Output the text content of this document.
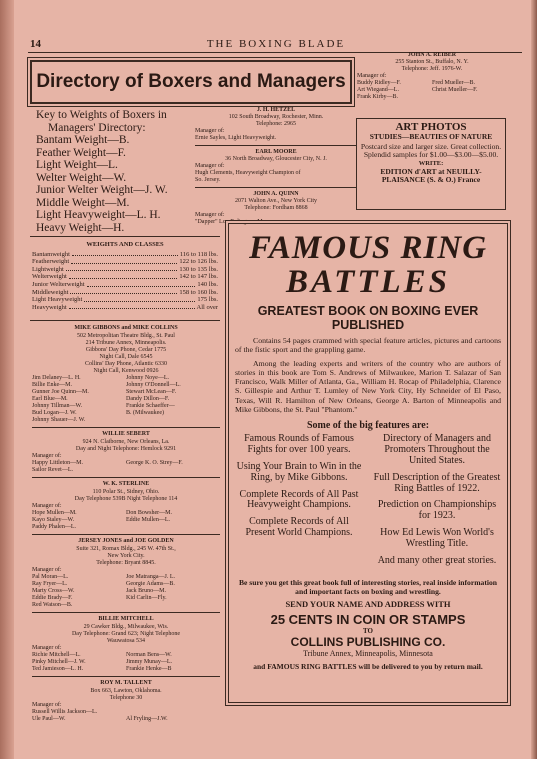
14	THE BOXING BLADE
Directory of Boxers and Managers
Key to Weights of Boxers in
Managers' Directory:
Bantam Weight—B.
Feather Weight—F.
Light Weight—L.
Welter Weight—W.
Junior Welter Weight—J. W.
Middle Weight—M.
Light Heavyweight—L. H.
Heavy Weight—H.
WEIGHTS AND CLASSES
Bantamweight	116 to 118 lbs.
Featherweight	122 to 126 lbs.
Lightweight	130 to 135 lbs.
Welterweight	142 to 147 lbs.
Junior Welterweight	140 lbs.
Middleweight	158 to 160 lbs.
Light Heavyweight	175 lbs.
Heavyweight	All over
MIKE GIBBONS and MIKE COLLINS
502 Metropolitan Theatre Bldg., St. Paul
214 Tribune Annex, Minneapolis.
Gibbons' Day Phone, Cedar 1775
Night Call, Dale 6545
Collins' Day Phone, Atlantic 6330
Night Call, Kenwood 0926
Jim Delaney—L. H.	Johnny Noye—L.
Billie Enke—M.	Johnny O'Donnell—L.
Gunner Joe Quinn—M.	Stewart McLean—F.
Earl Blue—M.	Dandy Dillon—F.
Johnny Tillman—W.	Frankie Schaeffer—
Bud Logan—J. W.	B. (Milwaukee)
Johnny Shauer—J. W.
WILLIE SEBERT
924 N. Claiborne, New Orleans, La.
Day and Night Telephone: Hemlock 9291
Manager of:
Happy Littleton—M.	George K. O. Strey—F.
Sailor Revet—L.
W. K. STERLINE
110 Polar St., Sidney, Ohio.
Day Telephone 539B Night Telephone 114
Manager of:
Hope Mullen—M.	Don Bowsher—M.
Kayo Staley—W.	Eddie Mullen—L.
Paddy Phalen—L.
JERSEY JONES and JOE GOLDEN
Suite 321, Romax Bldg., 245 W. 47th St.,
New York City.
Telephone: Bryant 8845.
Manager of:
Pal Moran—L.	Joe Matranga—J. L.
Ray Fryer—L.	Georgie Adams—B.
Marty Cross—W.	Jack Bruno—M.
Eddie Brady—F.	Kid Carlin—Fly.
Red Watson—B.
BILLIE MITCHELL
29 Cawker Bldg., Milwaukee, Wis.
Day Telephone: Grand 623; Night Telephone
Wauwatosa 534
Manager of:
Richie Mitchell—L.	Norman Bens—W.
Pinky Mitchell—J. W.	Jimmy Munay—L.
Ted Jamieson—L. H.	Frankie Henke—B
ROY M. TALLENT
Box 663, Lawton, Oklahoma.
Telephone 30
Manager of:
Russell Willis Jackson—L.
Ule Paul—W.	Al Fryling—J.W.
J. H. HETZEL
102 South Broadway, Rochester, Minn.
Telephone: 2965
Manager of:
Ernie Sayles, Light Heavyweight.
EARL MOORE
36 North Broadway, Gloucester City, N. J.
Manager of:
Hugh Clements, Heavyweight Champion of
So. Jersey.
JOHN A. QUINN
2071 Walton Ave., New York City
Telephone: Fordham 8868
Manager of:
"Dapper" Lou Rolinger—M.
JOHN A. REIBER
255 Stanton St., Buffalo, N. Y.
Telephone: Jeff. 1976-W.
Manager of:
Buddy Ridley—F.	Fred Mueller—B.
Art Wiegand—L.	Christ Mueller—F.
Frank Kirby—B.
ART PHOTOS
STUDIES—BEAUTIES OF NATURE
Postcard size and larger size. Great collection. Splendid samples for $1.00—$3.00—$5.00.
WRITE:
EDITION d'ART at NEUILLY-PLAISANCE (S. & O.) France
FAMOUS RING
BATTLES
GREATEST BOOK ON BOXING EVER PUBLISHED
Contains 54 pages crammed with special feature articles, pictures and cartoons of the fistic sport and the grappling game.
Among the leading experts and writers of the country who are authors of stories in this book are Tom S. Andrews of Milwaukee, Marion T. Salazar of San Francisco, Walk Miller of Atlanta, Ga., William H. Rocap of Philadelphia, Clarence S. Gillespie and Arthur T. Lumley of New York City, Hy Schneider of El Paso, Texas, Will R. Hamilton of New Orleans, George A. Barton of Minneapolis and Mike Gibbons, the St. Paul "Phantom."
Some of the big features are:
Famous Rounds of Famous Fights for over 100 years.
Using Your Brain to Win in the Ring, by Mike Gibbons.
Complete Records of All Past Heavyweight Champions.
Complete Records of All Present World Champions.
Directory of Managers and Promoters Throughout the United States.
Full Description of the Greatest Ring Battles of 1922.
Prediction on Championships for 1923.
How Ed Lewis Won World's Wrestling Title.
And many other great stories.
Be sure you get this great book full of interesting stories, real inside information and important facts on boxing and wrestling.
SEND YOUR NAME AND ADDRESS WITH
25 CENTS IN COIN OR STAMPS
TO
COLLINS PUBLISHING CO.
Tribune Annex, Minneapolis, Minnesota
and FAMOUS RING BATTLES will be delivered to you by return mail.
